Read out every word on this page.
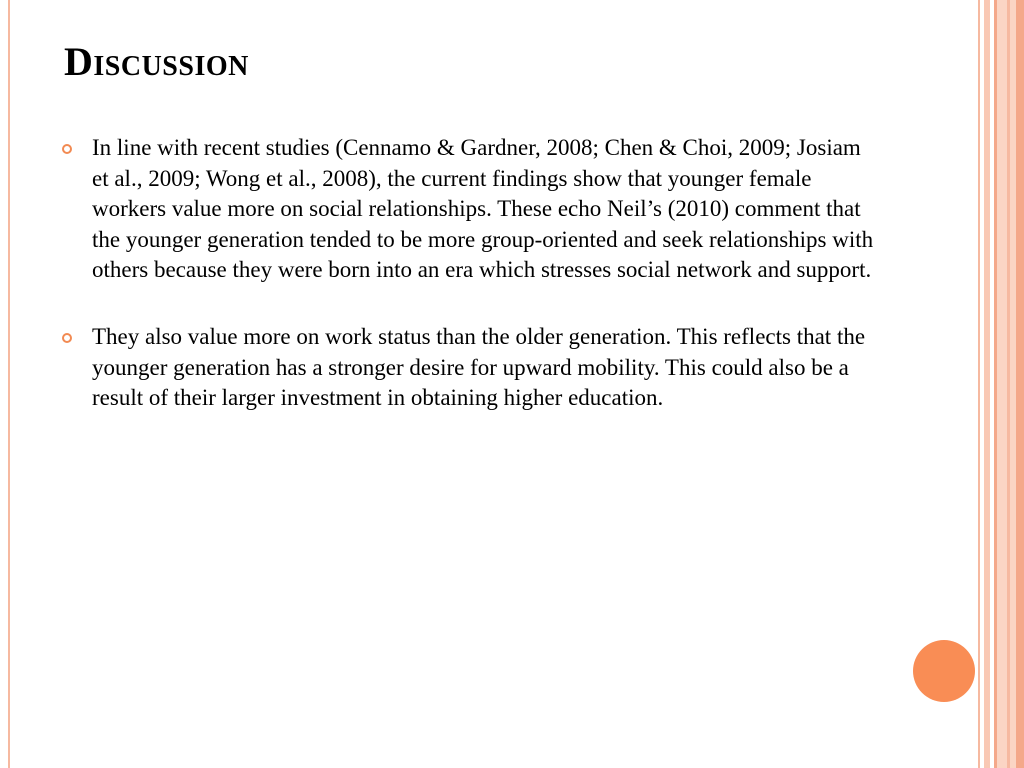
Discussion
In line with recent studies (Cennamo & Gardner, 2008; Chen & Choi, 2009; Josiam et al., 2009; Wong et al., 2008), the current findings show that younger female workers value more on social relationships. These echo Neil’s (2010) comment that the younger generation tended to be more group-oriented and seek relationships with others because they were born into an era which stresses social network and support.
They also value more on work status than the older generation. This reflects that the younger generation has a stronger desire for upward mobility. This could also be a result of their larger investment in obtaining higher education.
